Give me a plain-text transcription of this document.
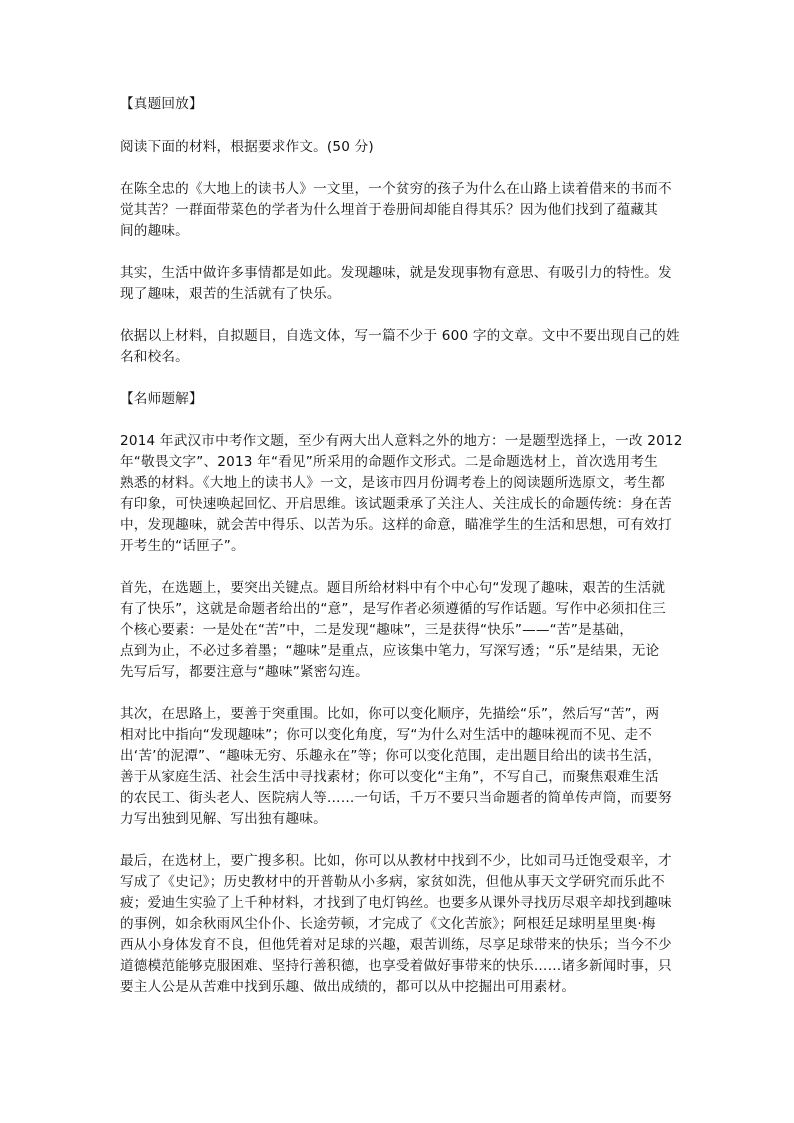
【真题回放】

阅读下面的材料，根据要求作文。(50 分)

在陈全忠的《大地上的读书人》一文里，一个贫穷的孩子为什么在山路上读着借来的书而不
觉其苦？一群面带菜色的学者为什么埋首于卷册间却能自得其乐？因为他们找到了蕴藏其
间的趣味。

其实，生活中做许多事情都是如此。发现趣味，就是发现事物有意思、有吸引力的特性。发
现了趣味，艰苦的生活就有了快乐。

依据以上材料，自拟题目，自选文体，写一篇不少于 600 字的文章。文中不要出现自己的姓
名和校名。

【名师题解】

2014 年武汉市中考作文题，至少有两大出人意料之外的地方：一是题型选择上，一改 2012
年“敬畏文字”、2013 年“看见”所采用的命题作文形式。二是命题选材上，首次选用考生
熟悉的材料。《大地上的读书人》一文，是该市四月份调考卷上的阅读题所选原文，考生都
有印象，可快速唤起回忆、开启思维。该试题秉承了关注人、关注成长的命题传统：身在苦
中，发现趣味，就会苦中得乐、以苦为乐。这样的命意，瞄准学生的生活和思想，可有效打
开考生的“话匣子”。

首先，在选题上，要突出关键点。题目所给材料中有个中心句“发现了趣味，艰苦的生活就
有了快乐”，这就是命题者给出的“意”，是写作者必须遵循的写作话题。写作中必须扣住三
个核心要素：一是处在“苦”中，二是发现“趣味”，三是获得“快乐”——“苦”是基础，
点到为止，不必过多着墨；“趣味”是重点，应该集中笔力，写深写透；“乐”是结果，无论
先写后写，都要注意与“趣味”紧密勾连。

其次，在思路上，要善于突重围。比如，你可以变化顺序，先描绘“乐”，然后写“苦”，两
相对比中指向“发现趣味”；你可以变化角度，写“为什么对生活中的趣味视而不见、走不
出‘苦’的泥潭”、“趣味无穷、乐趣永在”等；你可以变化范围，走出题目给出的读书生活，
善于从家庭生活、社会生活中寻找素材；你可以变化“主角”，不写自己，而聚焦艰难生活
的农民工、街头老人、医院病人等……一句话，千万不要只当命题者的简单传声筒，而要努
力写出独到见解、写出独有趣味。

最后，在选材上，要广搜多积。比如，你可以从教材中找到不少，比如司马迁饱受艰辛，才
写成了《史记》；历史教材中的开普勒从小多病，家贫如洗，但他从事天文学研究而乐此不
疲；爱迪生实验了上千种材料，才找到了电灯钨丝。也要多从课外寻找历尽艰辛却找到趣味
的事例，如余秋雨风尘仆仆、长途劳顿，才完成了《文化苦旅》；阿根廷足球明星里奥·梅
西从小身体发育不良，但他凭着对足球的兴趣，艰苦训练，尽享足球带来的快乐；当今不少
道德模范能够克服困难、坚持行善积德，也享受着做好事带来的快乐……诸多新闻时事，只
要主人公是从苦难中找到乐趣、做出成绩的，都可以从中挖掘出可用素材。
